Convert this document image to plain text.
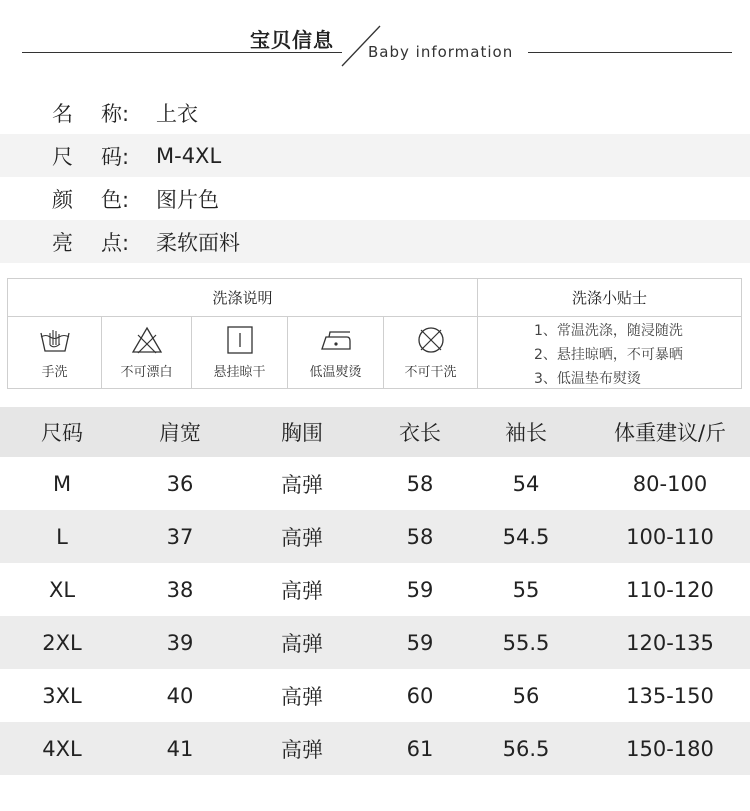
宝贝信息 Baby information
名 称: 上衣
尺 码: M-4XL
颜 色: 图片色
亮 点: 柔软面料
洗涤说明	洗涤小贴士
手洗	不可漂白	悬挂晾干	低温熨烫	不可干洗
1、常温洗涤，随浸随洗
2、悬挂晾晒，不可暴晒
3、低温垫布熨烫
尺码	肩宽	胸围	衣长	袖长	体重建议/斤
M	36	高弹	58	54	80-100
L	37	高弹	58	54.5	100-110
XL	38	高弹	59	55	110-120
2XL	39	高弹	59	55.5	120-135
3XL	40	高弹	60	56	135-150
4XL	41	高弹	61	56.5	150-180
